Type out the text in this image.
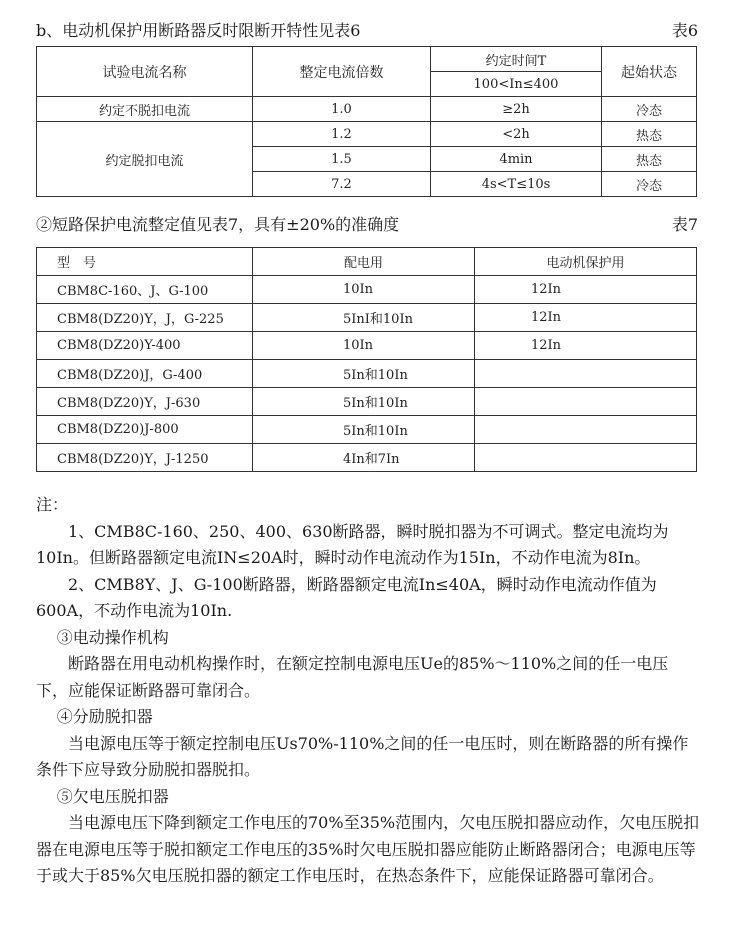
b、电动机保护用断路器反时限断开特性见表6	表6
试验电流名称	整定电流倍数	约定时间T	起始状态
		100<In≤400	
约定不脱扣电流	1.0	≥2h	冷态
约定脱扣电流	1.2	<2h	热态
	1.5	4min	热态
	7.2	4s<T≤10s	冷态
②短路保护电流整定值见表7，具有±20%的准确度	表7
型　号	配电用	电动机保护用
CBM8C-160、J、G-100	10In	12In
CBM8(DZ20)Y，J，G-225	5InI和10In	12In
CBM8(DZ20)Y-400	10In	12In
CBM8(DZ20)J，G-400	5In和10In	
CBM8(DZ20)Y，J-630	5In和10In	
CBM8(DZ20)J-800	5In和10In	
CBM8(DZ20)Y，J-1250	4In和7In	

注：

1、CMB8C-160、250、400、630断路器，瞬时脱扣器为不可调式。整定电流均为10In。但断路器额定电流IN≤20A时，瞬时动作电流动作为15In，不动作电流为8In。

2、CMB8Y、J、G-100断路器，断路器额定电流In≤40A，瞬时动作电流动作值为600A，不动作电流为10In.

③电动操作机构

断路器在用电动机构操作时，在额定控制电源电压Ue的85%～110%之间的任一电压下，应能保证断路器可靠闭合。

④分励脱扣器

当电源电压等于额定控制电压Us70%-110%之间的任一电压时，则在断路器的所有操作条件下应导致分励脱扣器脱扣。

⑤欠电压脱扣器

当电源电压下降到额定工作电压的70%至35%范围内，欠电压脱扣器应动作，欠电压脱扣器在电源电压等于脱扣额定工作电压的35%时欠电压脱扣器应能防止断路器闭合；电源电压等于或大于85%欠电压脱扣器的额定工作电压时，在热态条件下，应能保证路器可靠闭合。
